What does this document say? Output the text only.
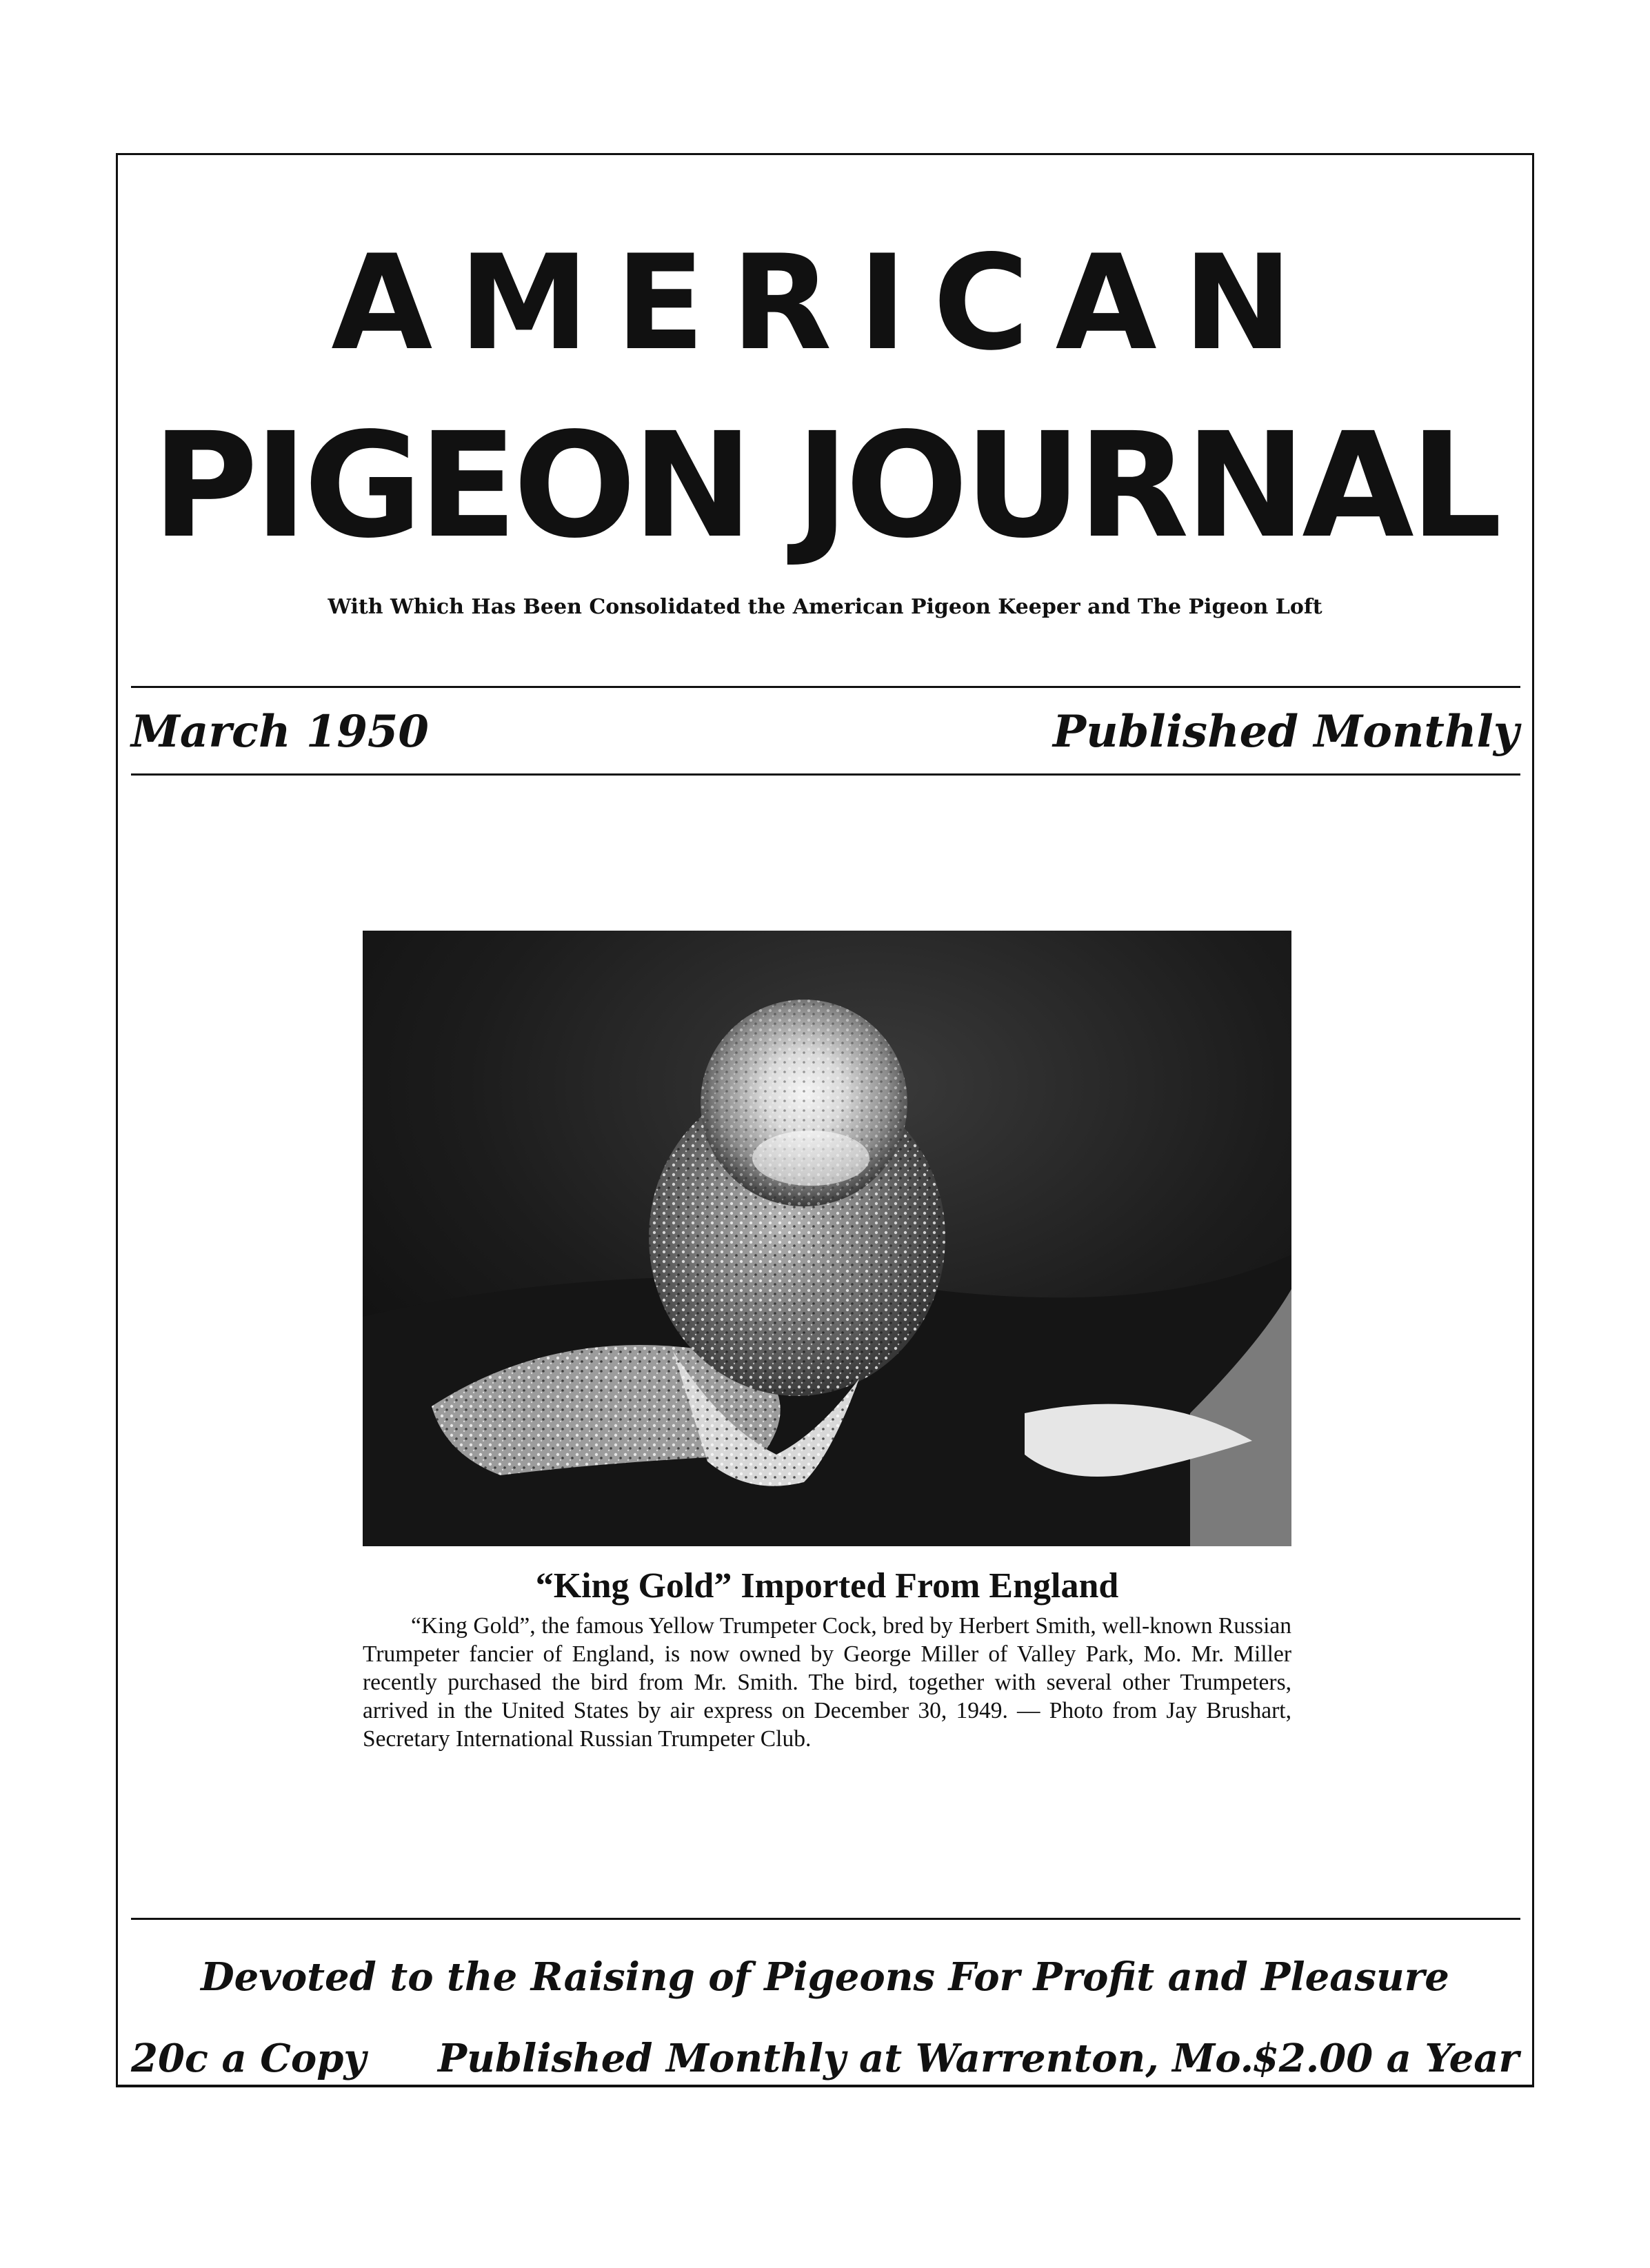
AMERICAN
PIGEON JOURNAL
With Which Has Been Consolidated the American Pigeon Keeper and The Pigeon Loft
March 1950	Published Monthly
“King Gold” Imported From England
“King Gold”, the famous Yellow Trumpeter Cock, bred by Herbert Smith, well-known Russian Trumpeter fancier of England, is now owned by George Miller of Valley Park, Mo. Mr. Miller recently purchased the bird from Mr. Smith. The bird, together with several other Trumpeters, arrived in the United States by air express on December 30, 1949. — Photo from Jay Brushart, Secretary International Russian Trumpeter Club.
Devoted to the Raising of Pigeons For Profit and Pleasure
20c a Copy Published Monthly at Warrenton, Mo.
$2.00 a Year
